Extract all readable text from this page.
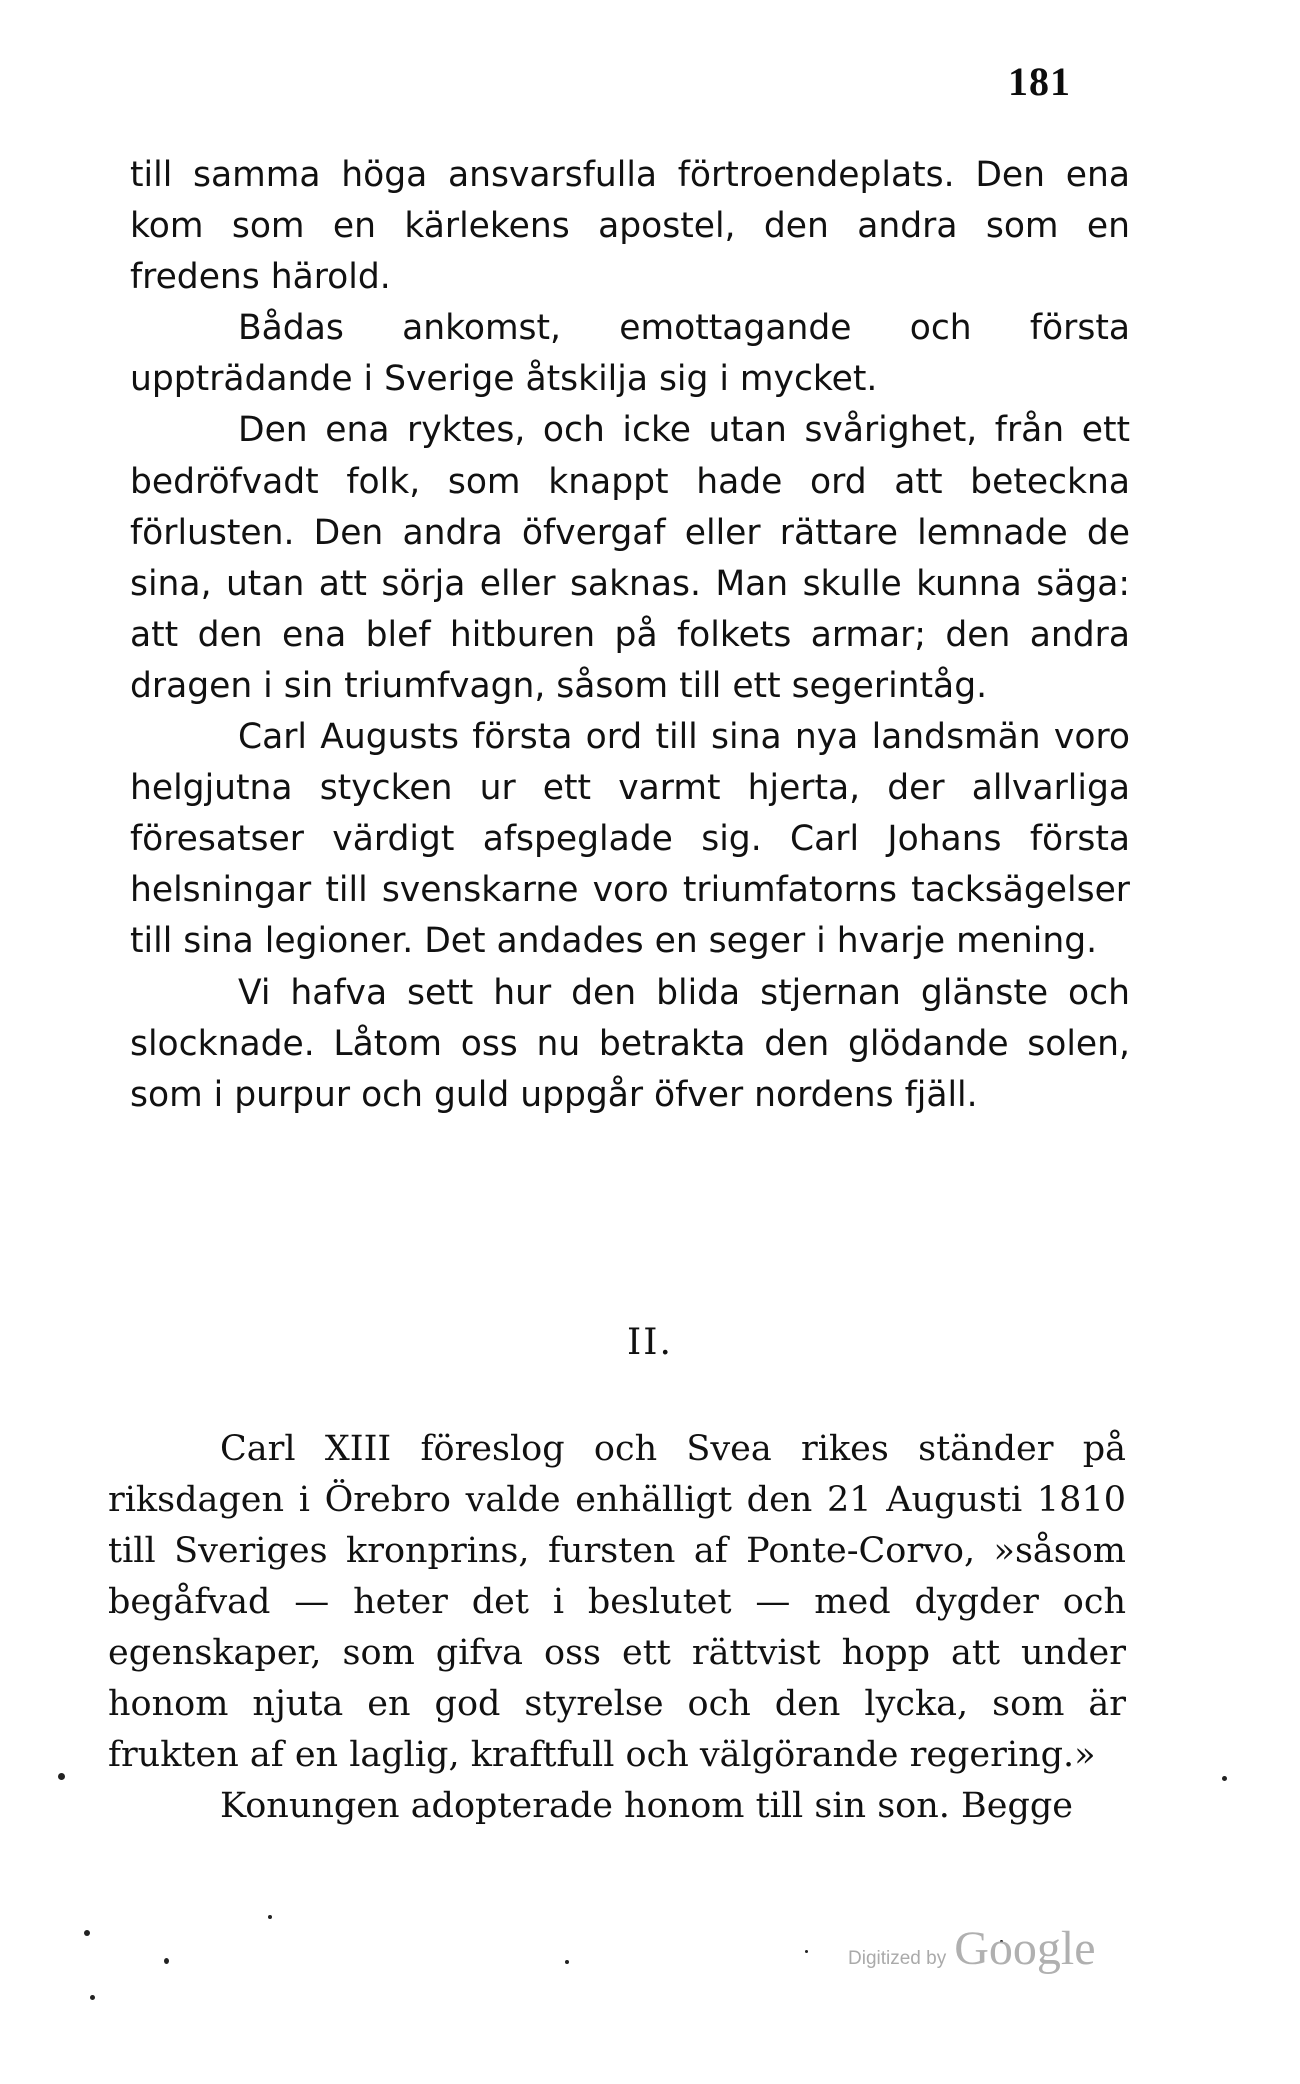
181

till samma höga ansvarsfulla förtroendeplats. Den ena kom som en kärlekens apostel, den andra som en fredens härold.

Bådas ankomst, emottagande och första uppträdande i Sverige åtskilja sig i mycket.

Den ena ryktes, och icke utan svårighet, från ett bedröfvadt folk, som knappt hade ord att beteckna förlusten. Den andra öfvergaf eller rättare lemnade de sina, utan att sörja eller saknas. Man skulle kunna säga: att den ena blef hitburen på folkets armar; den andra dragen i sin triumfvagn, såsom till ett segerintåg.

Carl Augusts första ord till sina nya landsmän voro helgjutna stycken ur ett varmt hjerta, der allvarliga föresatser värdigt afspeglade sig. Carl Johans första helsningar till svenskarne voro triumfatorns tacksägelser till sina legioner. Det andades en seger i hvarje mening.

Vi hafva sett hur den blida stjernan glänste och slocknade. Låtom oss nu betrakta den glödande solen, som i purpur och guld uppgår öfver nordens fjäll.

II.

Carl XIII föreslog och Svea rikes ständer på riksdagen i Örebro valde enhälligt den 21 Augusti 1810 till Sveriges kronprins, fursten af Ponte-Corvo, »såsom begåfvad — heter det i beslutet — med dygder och egenskaper, som gifva oss ett rättvist hopp att under honom njuta en god styrelse och den lycka, som är frukten af en laglig, kraftfull och välgörande regering.»

Konungen adopterade honom till sin son. Begge

Digitized by Google
